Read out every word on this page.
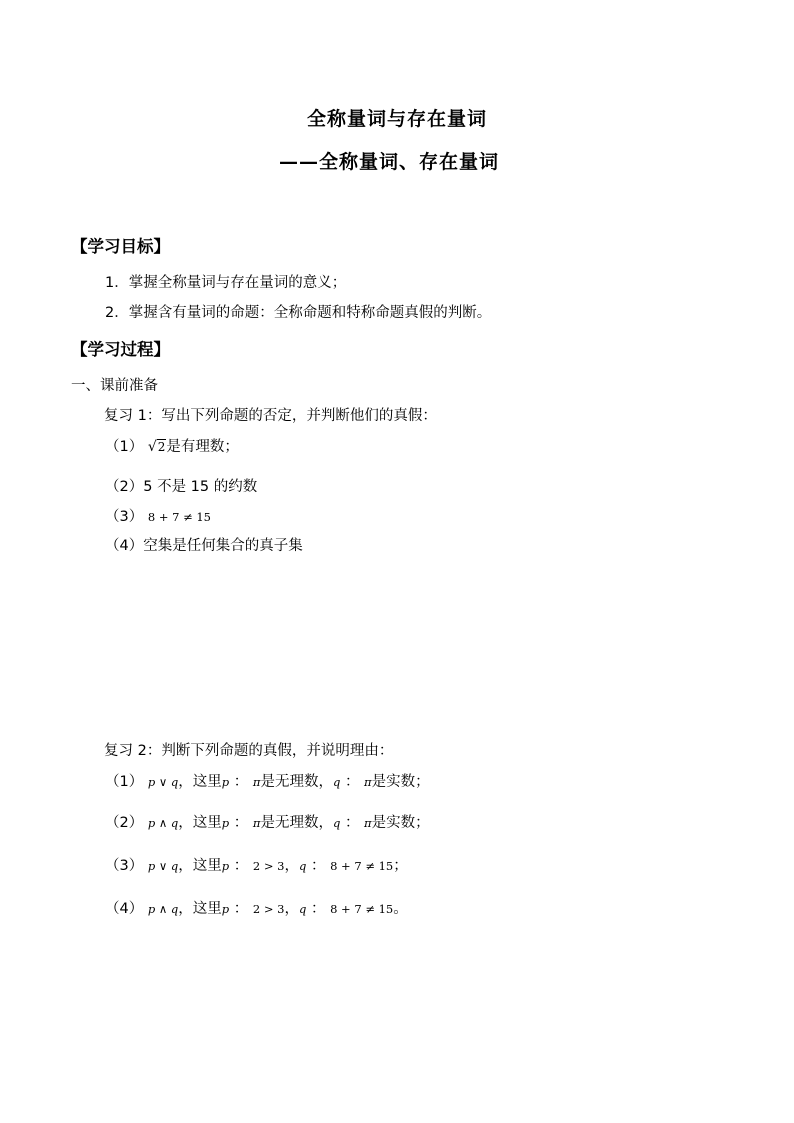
全称量词与存在量词
——全称量词、存在量词
【学习目标】
1．掌握全称量词与存在量词的意义；
2．掌握含有量词的命题：全称命题和特称命题真假的判断。
【学习过程】
一、课前准备
复习 1：写出下列命题的否定，并判断他们的真假：
（1） √2是有理数；
（2）5 不是 15 的约数
（3） 8 + 7 ≠ 15
（4）空集是任何集合的真子集
复习 2：判断下列命题的真假，并说明理由：
（1） p ∨ q，这里p ： π是无理数，q ： π是实数；
（2） p ∧ q，这里p ： π是无理数，q ： π是实数；
（3） p ∨ q，这里p ： 2 > 3，q ： 8 + 7 ≠ 15；
（4） p ∧ q，这里p ： 2 > 3，q ： 8 + 7 ≠ 15。
